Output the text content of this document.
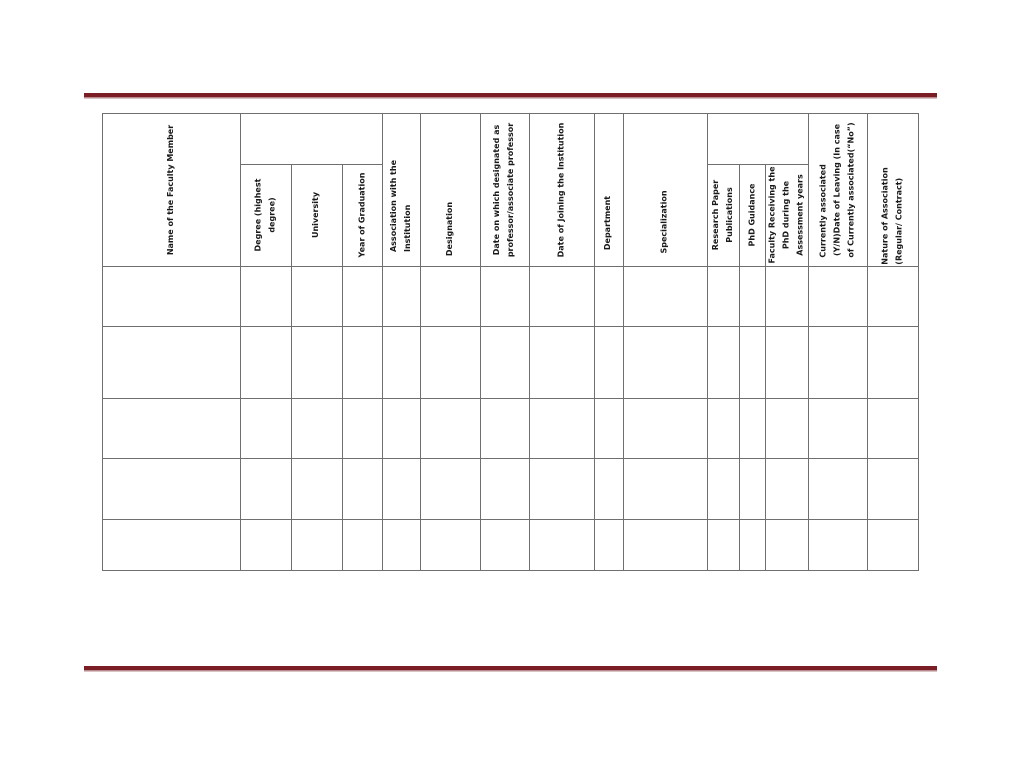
Name of the Faculty Member	Degree (highest degree)	University	Year of Graduation	Association with the Institution	Designation	Date on which designated as professor/associate professor	Date of Joining the Institution	Department	Specialization	Research Paper Publications	PhD Guidance	Faculty Receiving the PhD during the Assessment years	Currently associated (Y/N)Date of Leaving (In case of Currently associated(“No”)	Nature of Association (Regular/ Contract)
